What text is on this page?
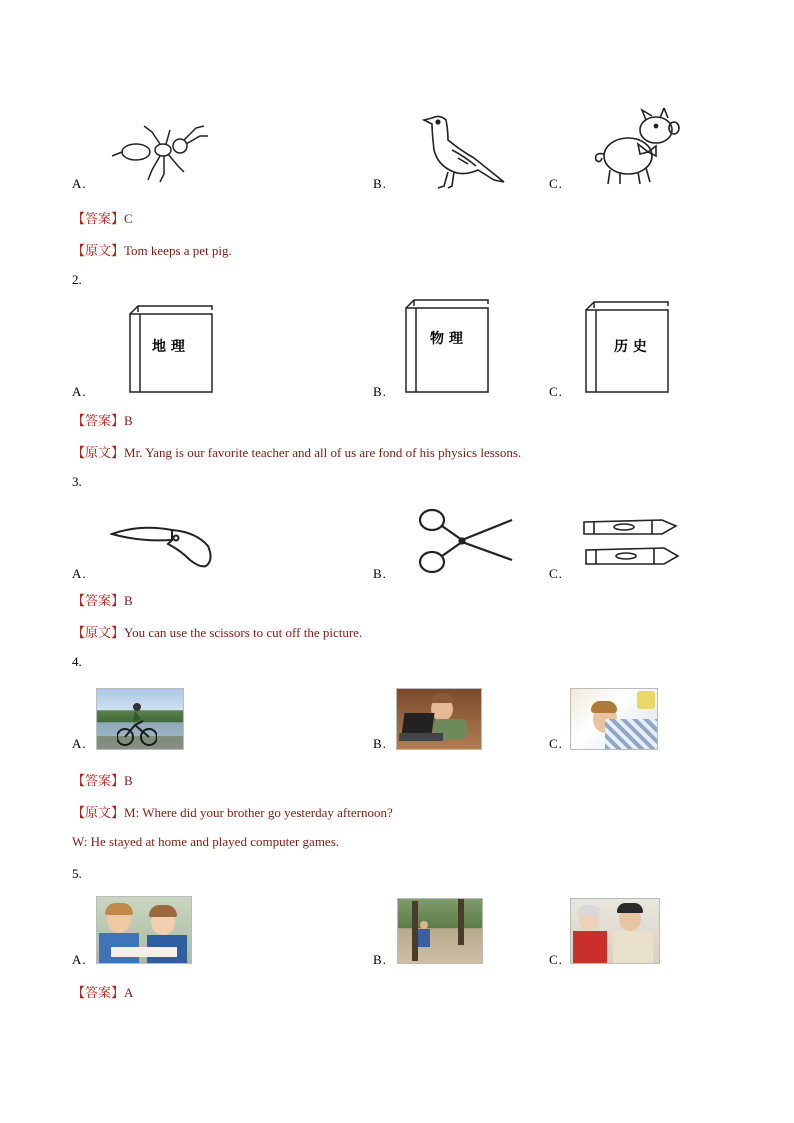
A.	B.	C.
【答案】C
【原文】Tom keeps a pet pig.
2.
地 理
A.
物 理
B.
历 史
C.
【答案】B
【原文】Mr. Yang is our favorite teacher and all of us are fond of his physics lessons.
3.
A.	B.	C.
【答案】B
【原文】You can use the scissors to cut off the picture.
4.
A.	B.	C.
【答案】B
【原文】M: Where did your brother go yesterday afternoon?
W: He stayed at home and played computer games.
5.
A.	B.	C.
【答案】A
